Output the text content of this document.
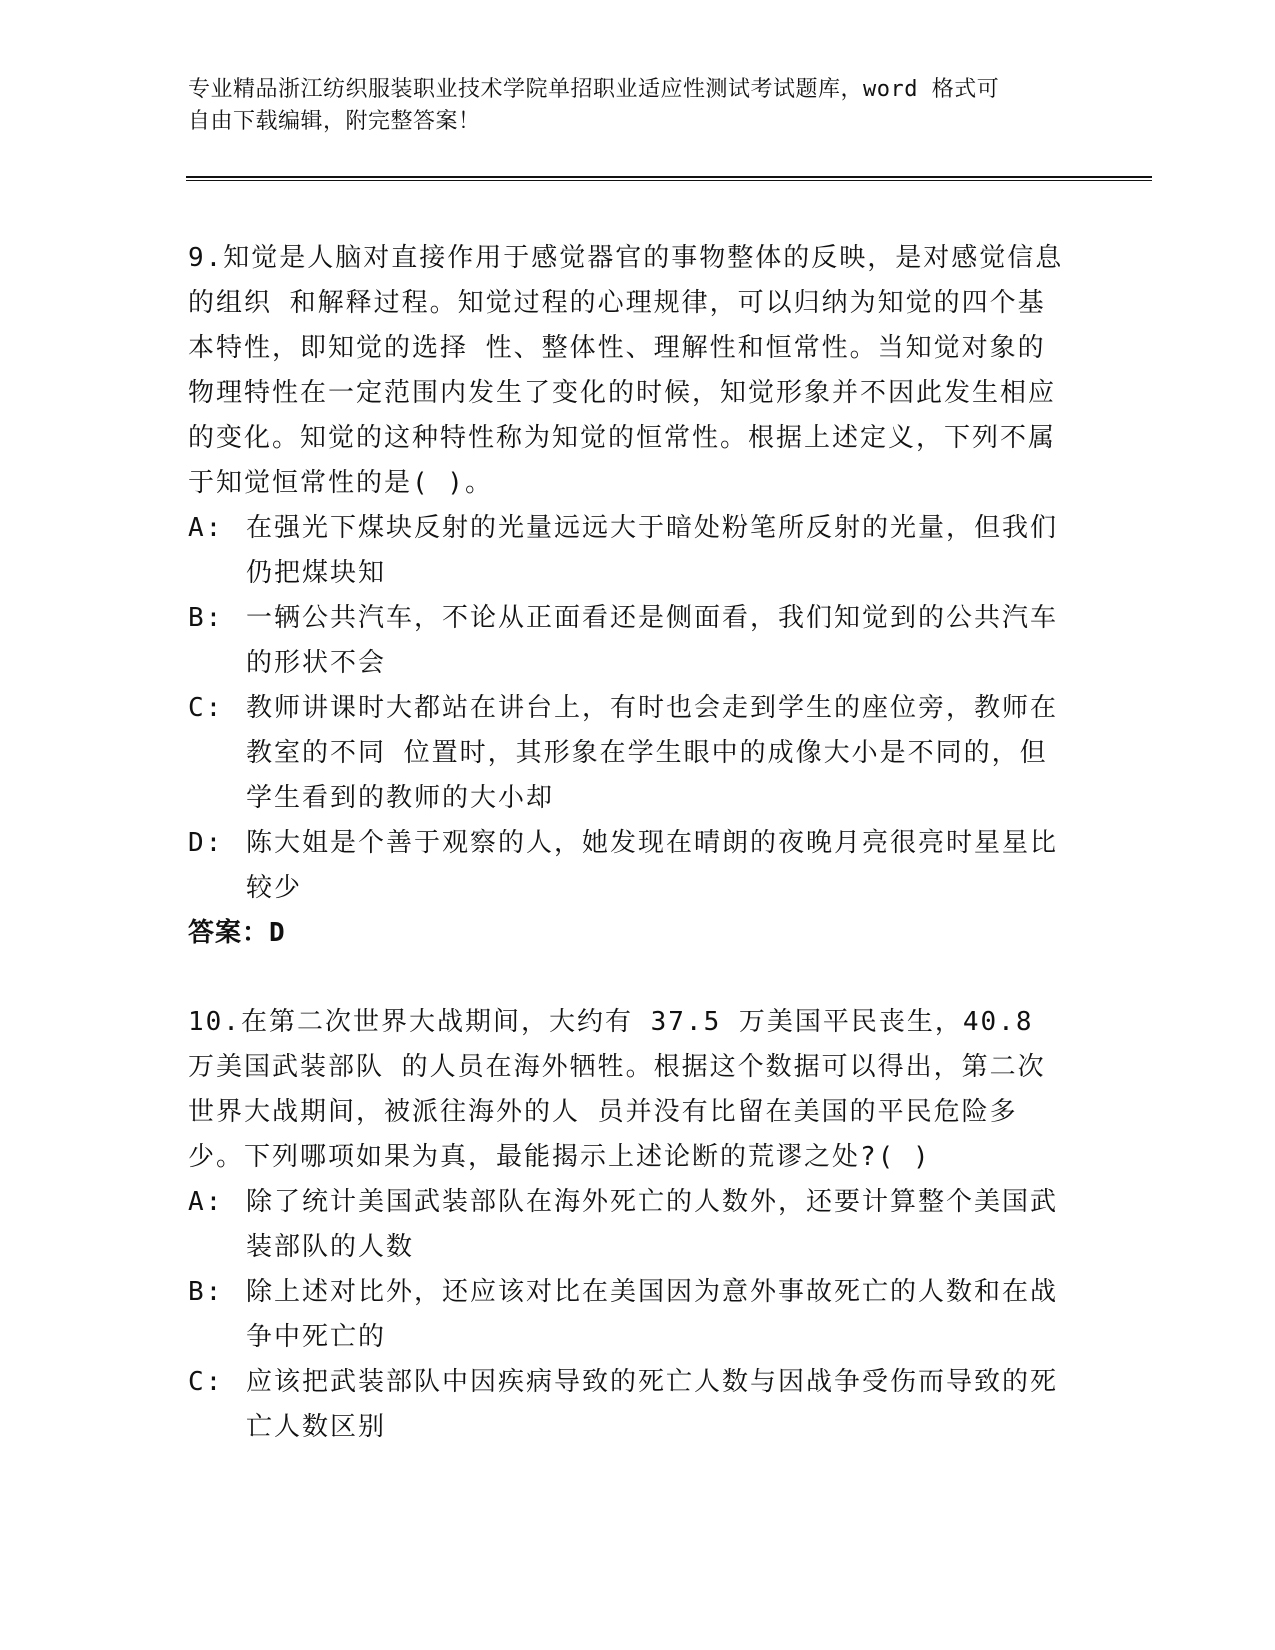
专业精品浙江纺织服装职业技术学院单招职业适应性测试考试题库，word 格式可
自由下载编辑，附完整答案！

9.知觉是人脑对直接作用于感觉器官的事物整体的反映，是对感觉信息的组织 和解释过程。知觉过程的心理规律，可以归纳为知觉的四个基本特性，即知觉的选择 性、整体性、理解性和恒常性。当知觉对象的物理特性在一定范围内发生了变化的时候，知觉形象并不因此发生相应的变化。知觉的这种特性称为知觉的恒常性。根据上述定义，下列不属于知觉恒常性的是( )。

A: 在强光下煤块反射的光量远远大于暗处粉笔所反射的光量，但我们仍把煤块知
B: 一辆公共汽车，不论从正面看还是侧面看，我们知觉到的公共汽车的形状不会
C: 教师讲课时大都站在讲台上，有时也会走到学生的座位旁，教师在教室的不同 位置时，其形象在学生眼中的成像大小是不同的，但学生看到的教师的大小却
D: 陈大姐是个善于观察的人，她发现在晴朗的夜晚月亮很亮时星星比较少

答案：D

10.在第二次世界大战期间，大约有 37.5 万美国平民丧生，40.8 万美国武装部队 的人员在海外牺牲。根据这个数据可以得出，第二次世界大战期间，被派往海外的人 员并没有比留在美国的平民危险多少。下列哪项如果为真，最能揭示上述论断的荒谬之处?( )

A: 除了统计美国武装部队在海外死亡的人数外，还要计算整个美国武装部队的人数
B: 除上述对比外，还应该对比在美国因为意外事故死亡的人数和在战争中死亡的
C: 应该把武装部队中因疾病导致的死亡人数与因战争受伤而导致的死亡人数区别
